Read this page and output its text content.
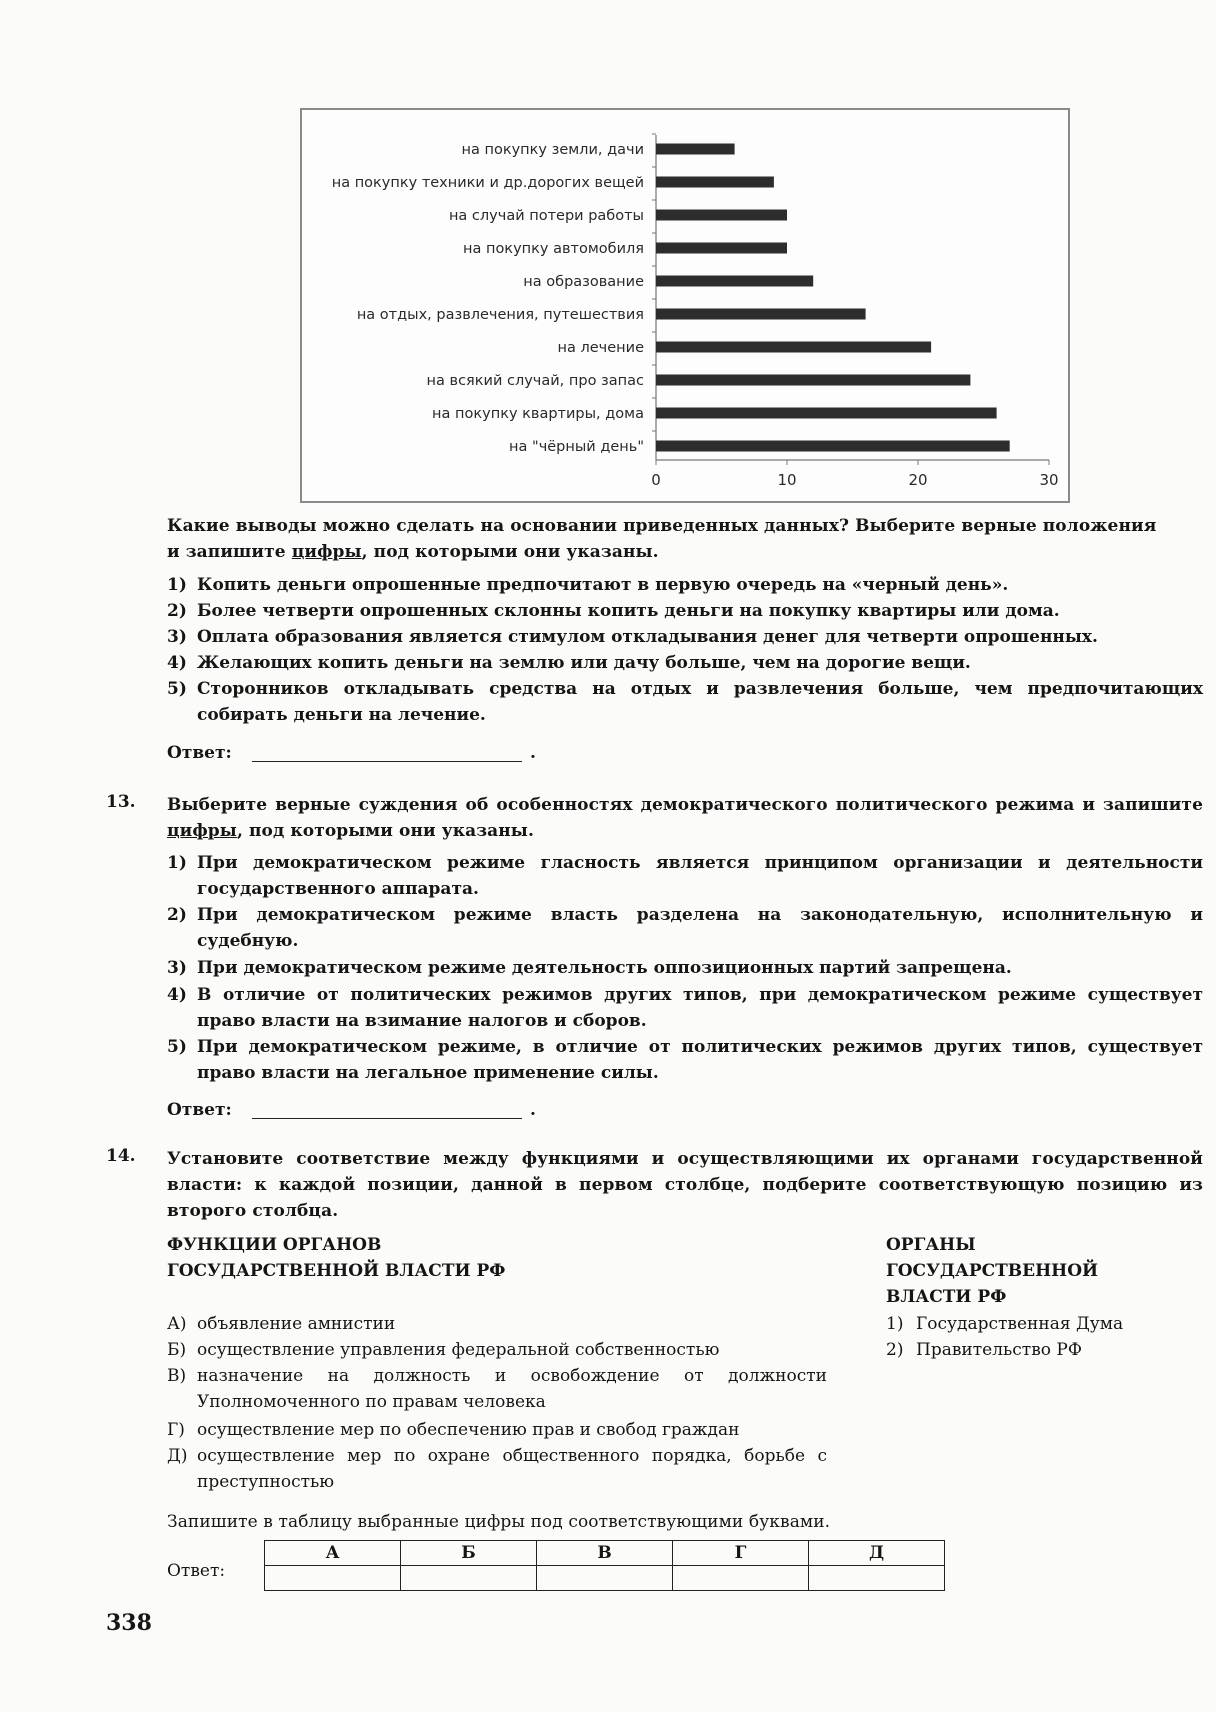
на покупку земли, дачи
на покупку техники и др.дорогих вещей
на случай потери работы
на покупку автомобиля
на образование
на отдых, развлечения, путешествия
на лечение
на всякий случай, про запас
на покупку квартиры, дома
на "чёрный день"
0	10	20	30
Какие выводы можно сделать на основании приведенных данных? Выберите верные положения
и запишите цифры, под которыми они указаны.
1) Копить деньги опрошенные предпочитают в первую очередь на «черный день».
2) Более четверти опрошенных склонны копить деньги на покупку квартиры или дома.
3) Оплата образования является стимулом откладывания денег для четверти опрошенных.
4) Желающих копить деньги на землю или дачу больше, чем на дорогие вещи.
5) Сторонников откладывать средства на отдых и развлечения больше, чем предпочитающих собирать деньги на лечение.
Ответ:	.
13. Выберите верные суждения об особенностях демократического политического режима и запишите цифры, под которыми они указаны.
1) При демократическом режиме гласность является принципом организации и деятельности государственного аппарата.
2) При демократическом режиме власть разделена на законодательную, исполнительную и судебную.
3) При демократическом режиме деятельность оппозиционных партий запрещена.
4) В отличие от политических режимов других типов, при демократическом режиме существует право власти на взимание налогов и сборов.
5) При демократическом режиме, в отличие от политических режимов других типов, существует право власти на легальное применение силы.
Ответ:	.
14. Установите соответствие между функциями и осуществляющими их органами государственной власти: к каждой позиции, данной в первом столбце, подберите соответствующую позицию из второго столбца.
ФУНКЦИИ ОРГАНОВ
ГОСУДАРСТВЕННОЙ ВЛАСТИ РФ
ОРГАНЫ
ГОСУДАРСТВЕННОЙ
ВЛАСТИ РФ
А) объявление амнистии
Б) осуществление управления федеральной собственностью
В) назначение на должность и освобождение от должности Уполномоченного по правам человека
Г) осуществление мер по обеспечению прав и свобод граждан
Д) осуществление мер по охране общественного порядка, борьбе с преступностью
1) Государственная Дума
2) Правительство РФ
Запишите в таблицу выбранные цифры под соответствующими буквами.
Ответ:
А	Б	В	Г	Д

338
